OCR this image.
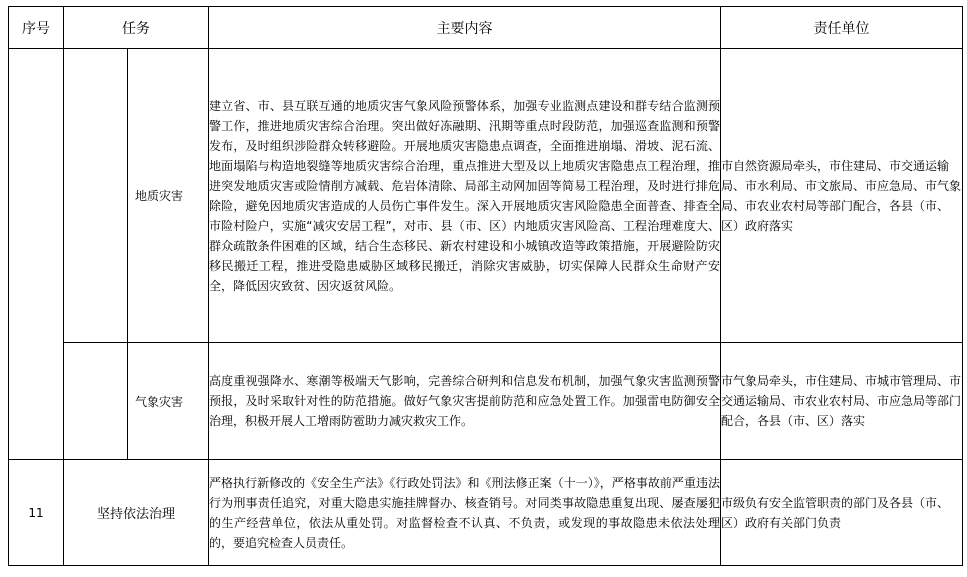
序号	任务	主要内容	责任单位

地质灾害	建立省、市、县互联互通的地质灾害气象风险预警体系，加强专业监测点建设和群专结合监测预警工作，推进地质灾害综合治理。突出做好冻融期、汛期等重点时段防范，加强巡查监测和预警发布，及时组织涉险群众转移避险。开展地质灾害隐患点调查，全面推进崩塌、滑坡、泥石流、地面塌陷与构造地裂缝等地质灾害综合治理，重点推进大型及以上地质灾害隐患点工程治理，推进突发地质灾害或险情削方减载、危岩体清除、局部主动网加固等简易工程治理，及时进行排危除险，避免因地质灾害造成的人员伤亡事件发生。深入开展地质灾害风险隐患全面普查、排查全市险村险户，实施“减灾安居工程”，对市、县（市、区）内地质灾害风险高、工程治理难度大、群众疏散条件困难的区域，结合生态移民、新农村建设和小城镇改造等政策措施，开展避险防灾移民搬迁工程，推进受隐患威胁区域移民搬迁，消除灾害威胁，切实保障人民群众生命财产安全，降低因灾致贫、因灾返贫风险。	市自然资源局牵头，市住建局、市交通运输局、市水利局、市文旅局、市应急局、市气象局、市农业农村局等部门配合，各县（市、区）政府落实

气象灾害	高度重视强降水、寒潮等极端天气影响，完善综合研判和信息发布机制，加强气象灾害监测预警预报，及时采取针对性的防范措施。做好气象灾害提前防范和应急处置工作。加强雷电防御安全治理，积极开展人工增雨防雹助力减灾救灾工作。	市气象局牵头，市住建局、市城市管理局、市交通运输局、市农业农村局、市应急局等部门配合，各县（市、区）落实
11	坚持依法治理	严格执行新修改的《安全生产法》《行政处罚法》和《刑法修正案（十一）》，严格事故前严重违法行为刑事责任追究，对重大隐患实施挂牌督办、核查销号。对同类事故隐患重复出现、屡查屡犯的生产经营单位，依法从重处罚。对监督检查不认真、不负责，或发现的事故隐患未依法处理的，要追究检查人员责任。	市级负有安全监管职责的部门及各县（市、区）政府有关部门负责
